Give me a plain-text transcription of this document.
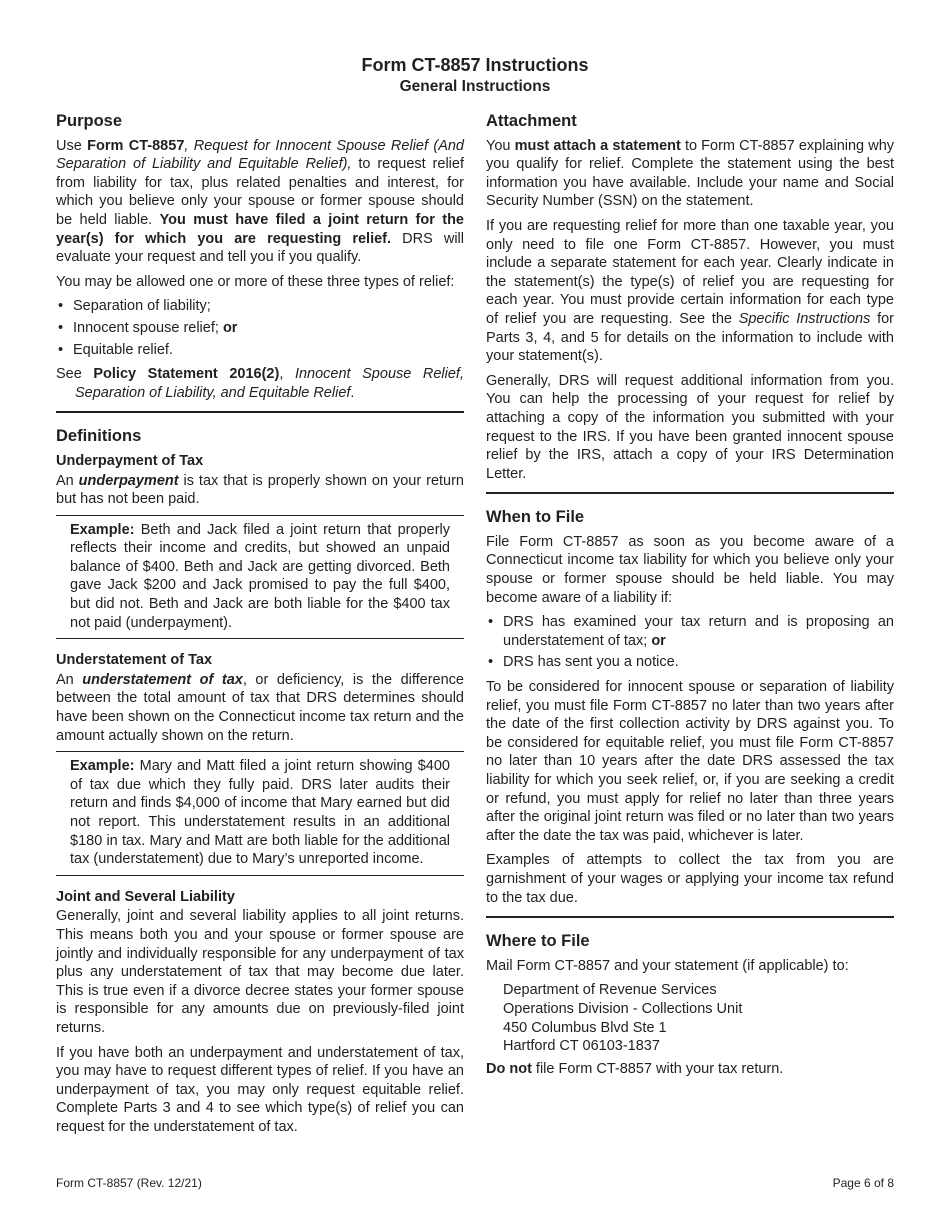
Form CT-8857 Instructions
General Instructions
Purpose

Use Form CT-8857, Request for Innocent Spouse Relief (And Separation of Liability and Equitable Relief), to request relief from liability for tax, plus related penalties and interest, for which you believe only your spouse or former spouse should be held liable. You must have filed a joint return for the year(s) for which you are requesting relief. DRS will evaluate your request and tell you if you qualify.

You may be allowed one or more of these three types of relief:

• Separation of liability;
• Innocent spouse relief; or
• Equitable relief.

See Policy Statement 2016(2), Innocent Spouse Relief, Separation of Liability, and Equitable Relief.

Definitions
Underpayment of Tax

An underpayment is tax that is properly shown on your return but has not been paid.

Example: Beth and Jack filed a joint return that properly reflects their income and credits, but showed an unpaid balance of $400. Beth and Jack are getting divorced. Beth gave Jack $200 and Jack promised to pay the full $400, but did not. Beth and Jack are both liable for the $400 tax not paid (underpayment).

Understatement of Tax

An understatement of tax, or deficiency, is the difference between the total amount of tax that DRS determines should have been shown on the Connecticut income tax return and the amount actually shown on the return.

Example: Mary and Matt filed a joint return showing $400 of tax due which they fully paid. DRS later audits their return and finds $4,000 of income that Mary earned but did not report. This understatement results in an additional $180 in tax. Mary and Matt are both liable for the additional tax (understatement) due to Mary’s unreported income.

Joint and Several Liability

Generally, joint and several liability applies to all joint returns. This means both you and your spouse or former spouse are jointly and individually responsible for any underpayment of tax plus any understatement of tax that may become due later. This is true even if a divorce decree states your former spouse is responsible for any amounts due on previously-filed joint returns.

If you have both an underpayment and understatement of tax, you may have to request different types of relief. If you have an underpayment of tax, you may only request equitable relief. Complete Parts 3 and 4 to see which type(s) of relief you can request for the understatement of tax.

Attachment

You must attach a statement to Form CT-8857 explaining why you qualify for relief. Complete the statement using the best information you have available. Include your name and Social Security Number (SSN) on the statement.

If you are requesting relief for more than one taxable year, you only need to file one Form CT-8857. However, you must include a separate statement for each year. Clearly indicate in the statement(s) the type(s) of relief you are requesting for each year. You must provide certain information for each type of relief you are requesting. See the Specific Instructions for Parts 3, 4, and 5 for details on the information to include with your statement(s).

Generally, DRS will request additional information from you. You can help the processing of your request for relief by attaching a copy of the information you submitted with your request to the IRS. If you have been granted innocent spouse relief by the IRS, attach a copy of your IRS Determination Letter.

When to File

File Form CT-8857 as soon as you become aware of a Connecticut income tax liability for which you believe only your spouse or former spouse should be held liable. You may become aware of a liability if:

• DRS has examined your tax return and is proposing an understatement of tax; or
• DRS has sent you a notice.

To be considered for innocent spouse or separation of liability relief, you must file Form CT-8857 no later than two years after the date of the first collection activity by DRS against you. To be considered for equitable relief, you must file Form CT-8857 no later than 10 years after the date DRS assessed the tax liability for which you seek relief, or, if you are seeking a credit or refund, you must apply for relief no later than three years after the original joint return was filed or no later than two years after the date the tax was paid, whichever is later.

Examples of attempts to collect the tax from you are garnishment of your wages or applying your income tax refund to the tax due.

Where to File

Mail Form CT-8857 and your statement (if applicable) to:

Department of Revenue Services
Operations Division - Collections Unit
450 Columbus Blvd Ste 1
Hartford CT 06103-1837

Do not file Form CT-8857 with your tax return.

Form CT-8857 (Rev. 12/21)	Page 6 of 8
